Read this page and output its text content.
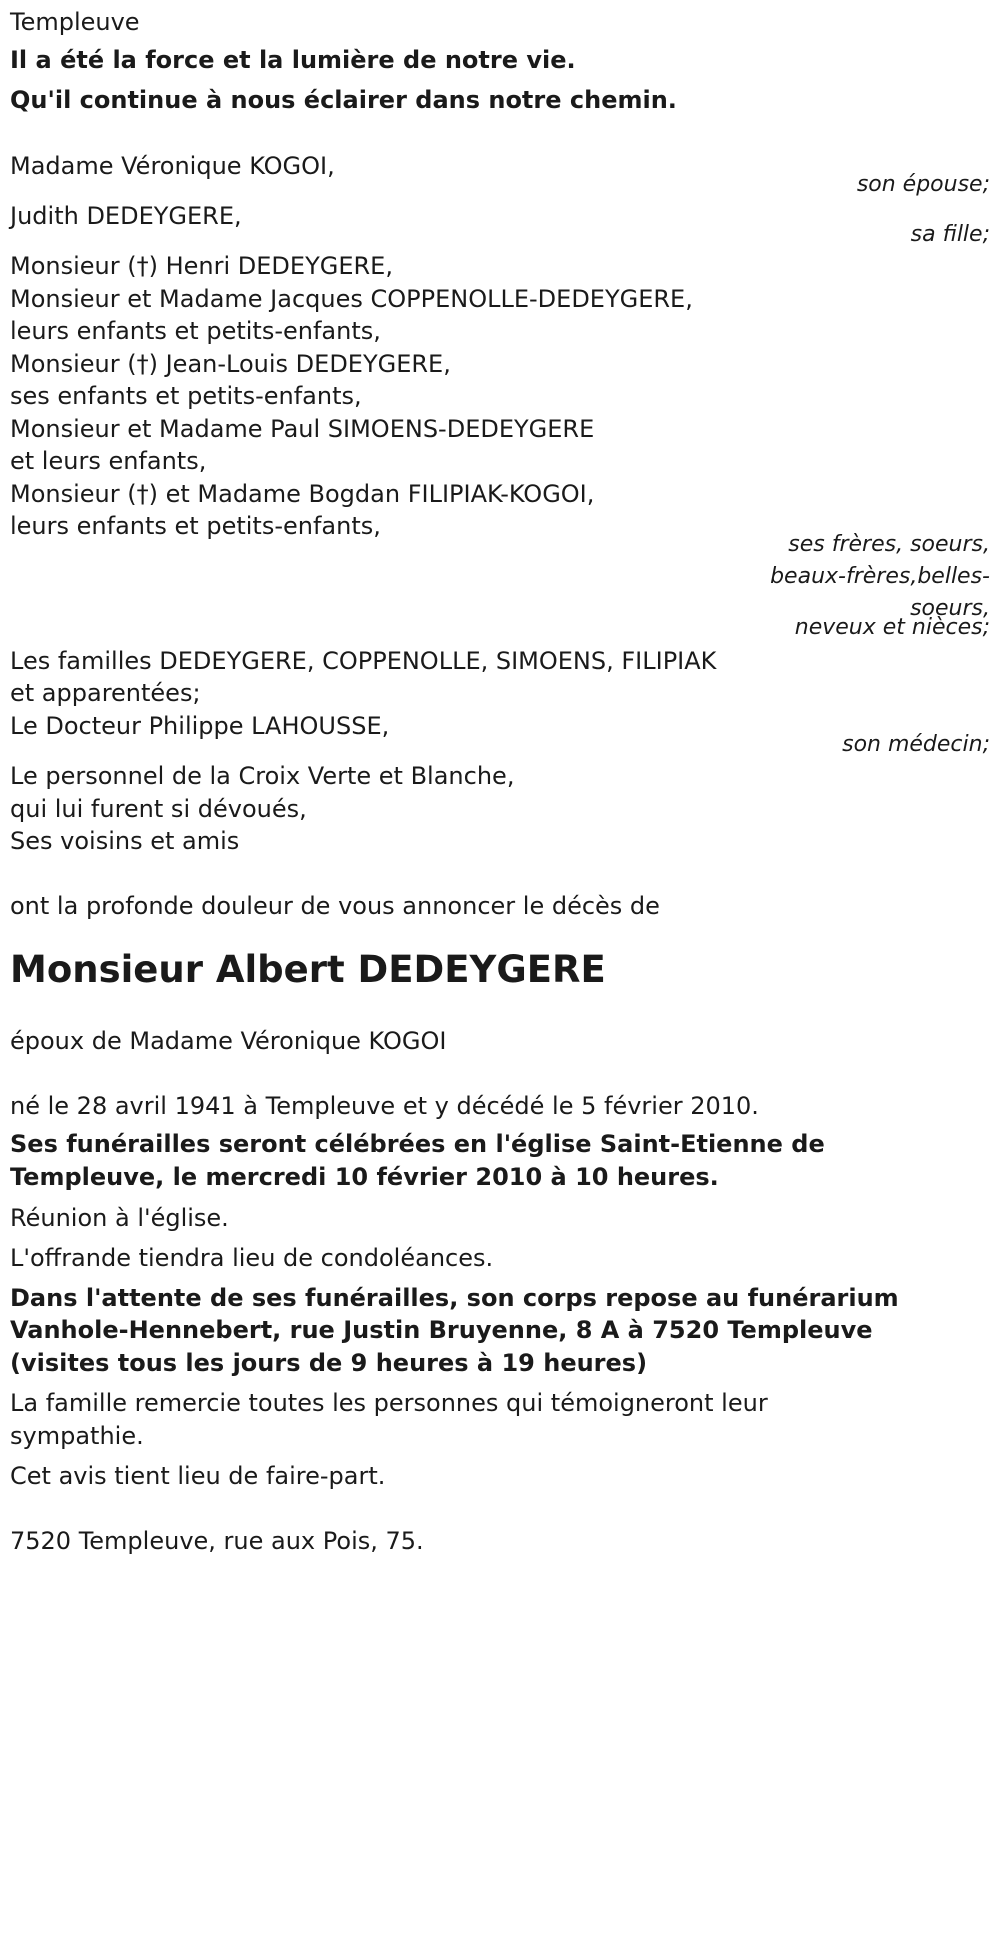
Templeuve
Il a été la force et la lumière de notre vie.
Qu'il continue à nous éclairer dans notre chemin.
Madame Véronique KOGOI,
son épouse;
Judith DEDEYGERE,
sa fille;
Monsieur (†) Henri DEDEYGERE,
Monsieur et Madame Jacques COPPENOLLE-DEDEYGERE,
leurs enfants et petits-enfants,
Monsieur (†) Jean-Louis DEDEYGERE,
ses enfants et petits-enfants,
Monsieur et Madame Paul SIMOENS-DEDEYGERE
et leurs enfants,
Monsieur (†) et Madame Bogdan FILIPIAK-KOGOI,
leurs enfants et petits-enfants,
ses frères, soeurs,
beaux-frères,belles-
soeurs,
neveux et nièces;
Les familles DEDEYGERE, COPPENOLLE, SIMOENS, FILIPIAK
et apparentées;
Le Docteur Philippe LAHOUSSE,
son médecin;
Le personnel de la Croix Verte et Blanche,
qui lui furent si dévoués,
Ses voisins et amis
ont la profonde douleur de vous annoncer le décès de
Monsieur Albert DEDEYGERE
époux de Madame Véronique KOGOI
né le 28 avril 1941 à Templeuve et y décédé le 5 février 2010.
Ses funérailles seront célébrées en l'église Saint-Etienne de
Templeuve, le mercredi 10 février 2010 à 10 heures.
Réunion à l'église.
L'offrande tiendra lieu de condoléances.
Dans l'attente de ses funérailles, son corps repose au funérarium
Vanhole-Hennebert, rue Justin Bruyenne, 8 A à 7520 Templeuve
(visites tous les jours de 9 heures à 19 heures)
La famille remercie toutes les personnes qui témoigneront leur
sympathie.
Cet avis tient lieu de faire-part.
7520 Templeuve, rue aux Pois, 75.
